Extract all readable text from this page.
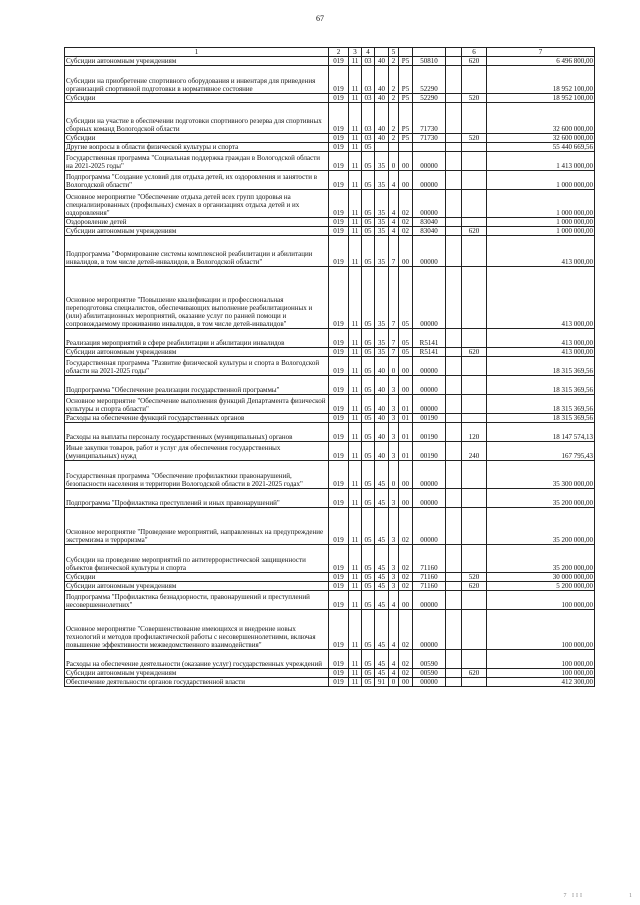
67
1	2	3	4		5				6	7
Субсидии автономным учреждениям	019	11	03	40	2	P5	50810		620	6 496 800,00
Субсидии на приобретение спортивного оборудования и инвентаря для приведения организаций спортивной подготовки в нормативное состояние	019	11	03	40	2	P5	52290			18 952 100,00
Субсидии	019	11	03	40	2	P5	52290		520	18 952 100,00
Субсидии на участие в обеспечении подготовки спортивного резерва для спортивных сборных команд Вологодской области	019	11	03	40	2	P5	71730			32 600 000,00
Субсидии	019	11	03	40	2	P5	71730		520	32 600 000,00
Другие вопросы в области физической культуры и спорта	019	11	05							55 440 669,56
Государственная программа "Социальная поддержка граждан в Вологодской области на 2021-2025 годы"	019	11	05	35	0	00	00000			1 413 000,00
Подпрограмма "Создание условий для отдыха детей, их оздоровления и занятости в Вологодской области"	019	11	05	35	4	00	00000			1 000 000,00
Основное мероприятие "Обеспечение отдыха детей всех групп здоровья на специализированных (профильных) сменах в организациях отдыха детей и их оздоровления"	019	11	05	35	4	02	00000			1 000 000,00
Оздоровление детей	019	11	05	35	4	02	83040			1 000 000,00
Субсидии автономным учреждениям	019	11	05	35	4	02	83040		620	1 000 000,00
Подпрограмма "Формирование системы комплексной реабилитации и абилитации инвалидов, в том числе детей-инвалидов, в Вологодской области"	019	11	05	35	7	00	00000			413 000,00
Основное мероприятие "Повышение квалификации и профессиональная переподготовка специалистов, обеспечивающих выполнение реабилитационных и (или) абилитационных мероприятий, оказание услуг по ранней помощи и сопровождаемому проживанию инвалидов, в том числе детей-инвалидов"	019	11	05	35	7	05	00000			413 000,00
Реализация мероприятий в сфере реабилитации и абилитации инвалидов	019	11	05	35	7	05	R5141			413 000,00
Субсидии автономным учреждениям	019	11	05	35	7	05	R5141		620	413 000,00
Государственная программа "Развитие физической культуры и спорта в Вологодской области на 2021-2025 годы"	019	11	05	40	0	00	00000			18 315 369,56
Подпрограмма "Обеспечение реализации государственной программы"	019	11	05	40	3	00	00000			18 315 369,56
Основное мероприятие "Обеспечение выполнения функций Департамента физической культуры и спорта области"	019	11	05	40	3	01	00000			18 315 369,56
Расходы на обеспечение функций государственных органов	019	11	05	40	3	01	00190			18 315 369,56
Расходы на выплаты персоналу государственных (муниципальных) органов	019	11	05	40	3	01	00190		120	18 147 574,13
Иные закупки товаров, работ и услуг для обеспечения государственных (муниципальных) нужд	019	11	05	40	3	01	00190		240	167 795,43
Государственная программа "Обеспечение профилактики правонарушений, безопасности населения и территории Вологодской области в 2021-2025 годах"	019	11	05	45	0	00	00000			35 300 000,00
Подпрограмма "Профилактика преступлений и иных правонарушений"	019	11	05	45	3	00	00000			35 200 000,00
Основное мероприятие "Проведение мероприятий, направленных на предупреждение экстремизма и терроризма"	019	11	05	45	3	02	00000			35 200 000,00
Субсидии на проведение мероприятий по антитеррористической защищенности объектов физической культуры и спорта	019	11	05	45	3	02	71160			35 200 000,00
Субсидии	019	11	05	45	3	02	71160		520	30 000 000,00
Субсидии автономным учреждениям	019	11	05	45	3	02	71160		620	5 200 000,00
Подпрограмма "Профилактика безнадзорности, правонарушений и преступлений несовершеннолетних"	019	11	05	45	4	00	00000			100 000,00
Основное мероприятие "Совершенствование имеющихся и внедрение новых технологий и методов профилактической работы с несовершеннолетними, включая повышение эффективности межведомственного взаимодействия"	019	11	05	45	4	02	00000			100 000,00
Расходы на обеспечение деятельности (оказание услуг) государственных учреждений	019	11	05	45	4	02	00590			100 000,00
Субсидии автономным учреждениям	019	11	05	45	4	02	00590		620	100 000,00
Обеспечение деятельности органов государственной власти	019	11	05	91	0	00	00000			412 300,00
7 III	1
